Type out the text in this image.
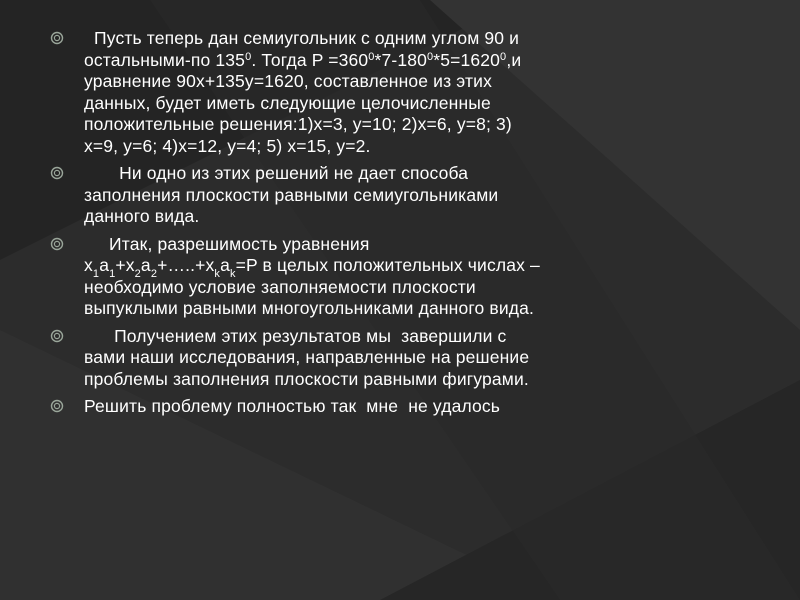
Пусть теперь дан семиугольник с одним углом 90 и
остальными-по $135^0$. Тогда $P =360^0*7-180^0*5=1620^0,и$
уравнение 90x+135y=1620, составленное из этих
данных, будет иметь следующие целочисленные
положительные решения:1)x=3, y=10; 2)x=6, y=8; 3)
x=9, y=6; 4)x=12, y=4; 5) x=15, y=2.
Ни одно из этих решений не дает способа
заполнения плоскости равными семиугольниками
данного вида.
Итак, разрешимость уравнения
$x_1a_1+x_2a_2+\dots..+x_ka_k=P$ в целых положительных числах –
необходимо условие заполняемости плоскости
выпуклыми равными многоугольниками данного вида.
Получением этих результатов мы  завершили с
вами наши исследования, направленные на решение
проблемы заполнения плоскости равными фигурами.
Решить проблему полностью так  мне  не удалось
